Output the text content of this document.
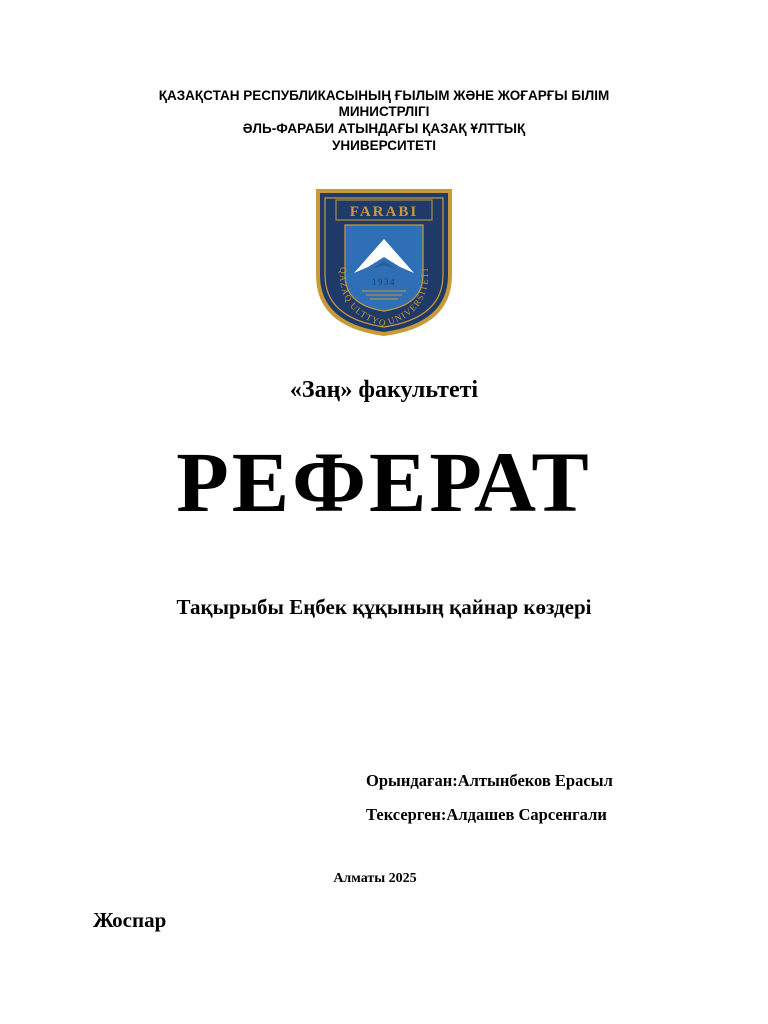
ҚАЗАҚСТАН РЕСПУБЛИКАСЫНЫҢ ҒЫЛЫМ ЖӘНЕ ЖОҒАРҒЫ БІЛІМ
МИНИСТРЛІГІ
ӘЛЬ-ФАРАБИ АТЫНДАҒЫ ҚАЗАҚ ҰЛТТЫҚ
УНИВЕРСИТЕТІ
FARABI
1934
QAZAQ ULTTYQ UNIVERSITETI
«Заң» факультеті
РЕФЕРАТ
Тақырыбы Еңбек құқының қайнар көздері
Орындаған:Алтынбеков Ерасыл
Тексерген:Алдашев Сарсенгали
Алматы 2025
Жоспар
